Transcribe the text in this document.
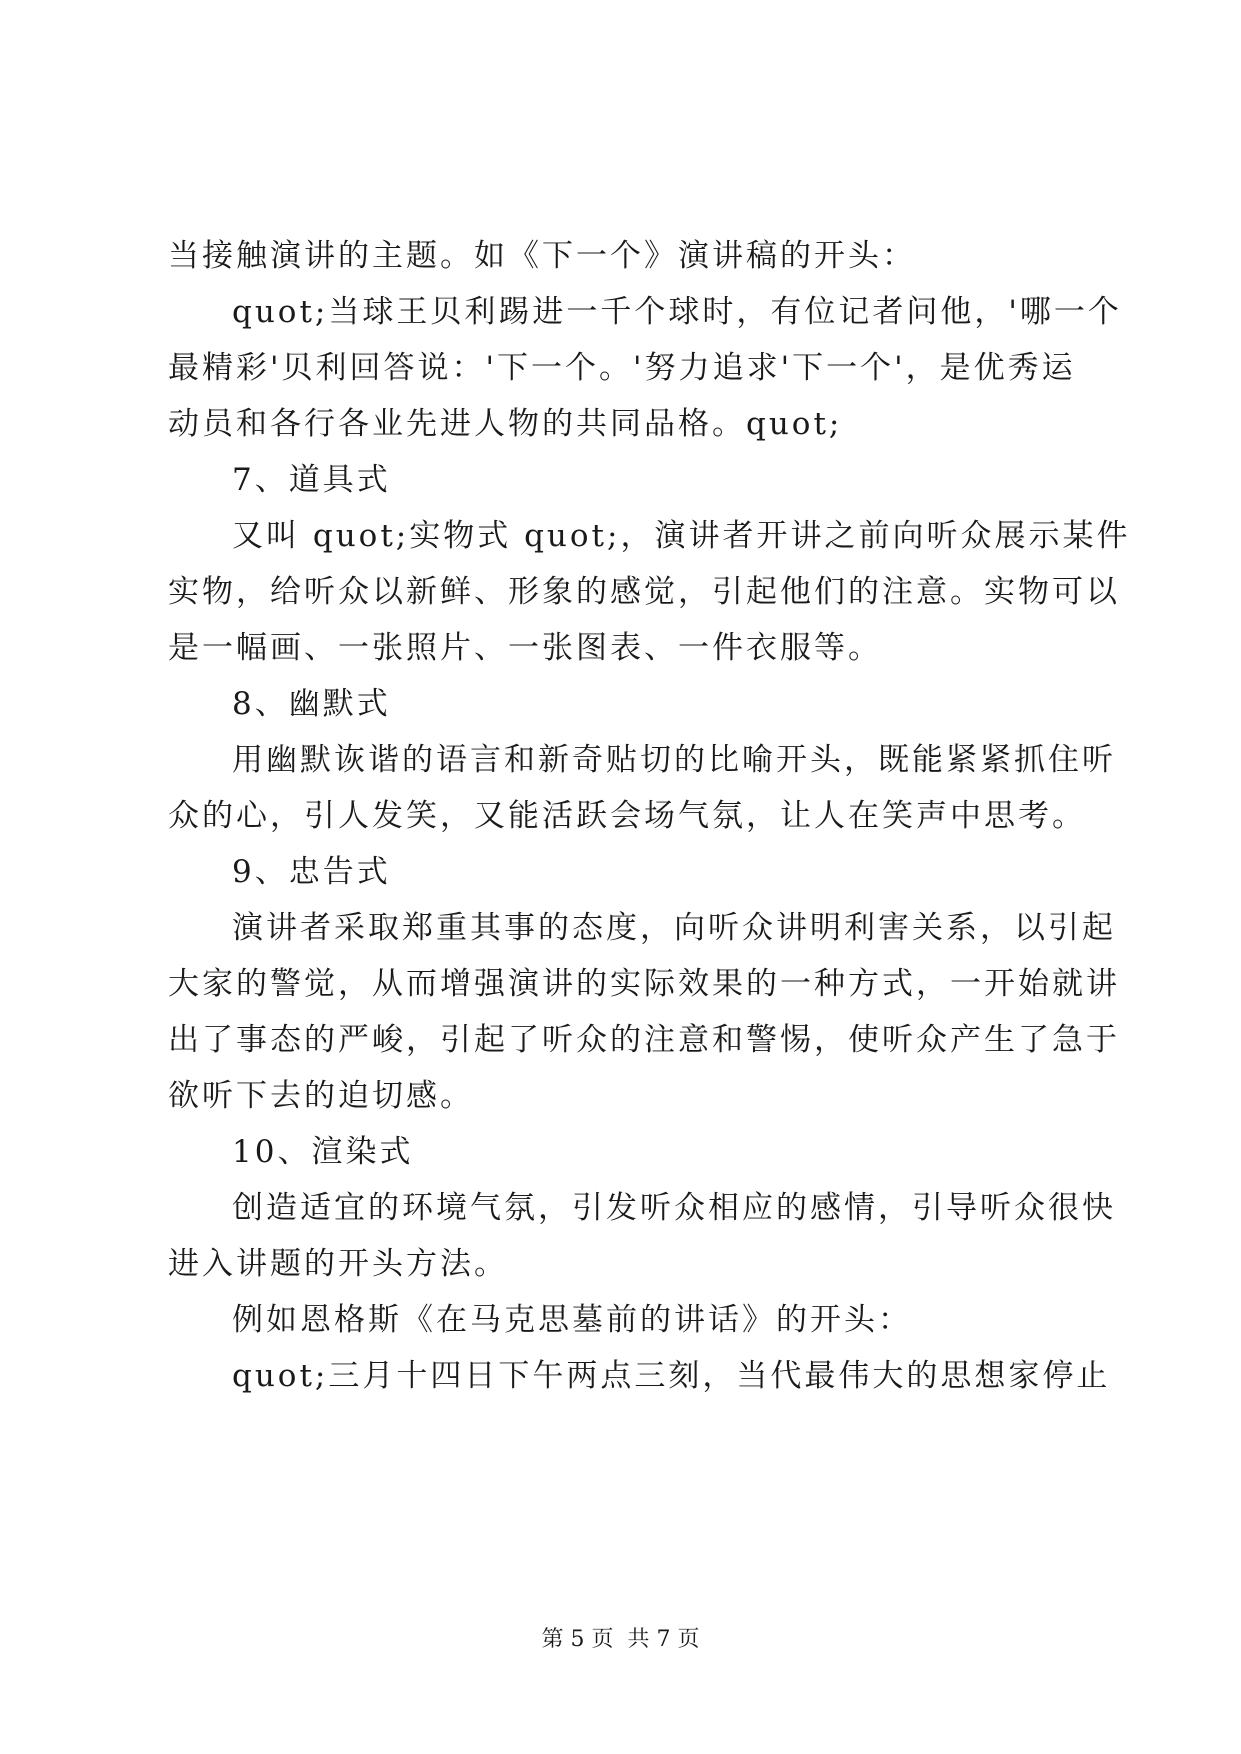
当接触演讲的主题。如《下一个》演讲稿的开头：
quot;当球王贝利踢进一千个球时，有位记者问他，'哪一个
最精彩'贝利回答说：'下一个。'努力追求'下一个'，是优秀运
动员和各行各业先进人物的共同品格。quot;
7、道具式
又叫 quot;实物式 quot;，演讲者开讲之前向听众展示某件
实物，给听众以新鲜、形象的感觉，引起他们的注意。实物可以
是一幅画、一张照片、一张图表、一件衣服等。
8、幽默式
用幽默诙谐的语言和新奇贴切的比喻开头，既能紧紧抓住听
众的心，引人发笑，又能活跃会场气氛，让人在笑声中思考。
9、忠告式
演讲者采取郑重其事的态度，向听众讲明利害关系，以引起
大家的警觉，从而增强演讲的实际效果的一种方式，一开始就讲
出了事态的严峻，引起了听众的注意和警惕，使听众产生了急于
欲听下去的迫切感。
10、渲染式
创造适宜的环境气氛，引发听众相应的感情，引导听众很快
进入讲题的开头方法。
例如恩格斯《在马克思墓前的讲话》的开头：
quot;三月十四日下午两点三刻，当代最伟大的思想家停止
第 5 页 共 7 页
